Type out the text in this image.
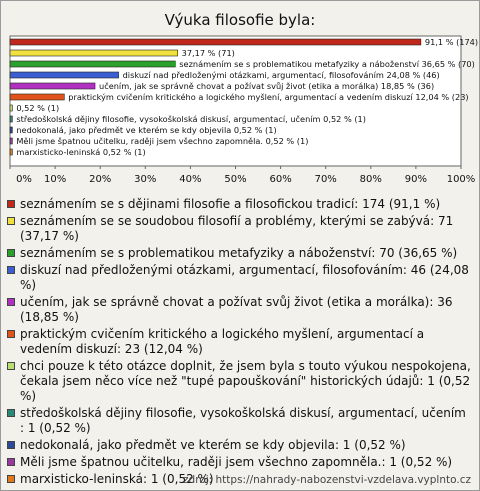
Výuka filosofie byla:
91,1 % (174)
37,17 % (71)
seznámením se s problematikou metafyziky a náboženství 36,65 % (70)
diskuzí nad předloženými otázkami, argumentací, filosofováním 24,08 % (46)
učením, jak se správně chovat a požívat svůj život (etika a morálka) 18,85 % (36)
praktickým cvičením kritického a logického myšlení, argumentací a vedením diskuzí 12,04 % (23)
0,52 % (1)
středoškolská dějiny filosofie, vysokoškolská diskusí, argumentací, učením 0,52 % (1)
nedokonalá, jako předmět ve kterém se kdy objevila 0,52 % (1)
Měli jsme špatnou učitelku, raději jsem všechno zapomněla. 0,52 % (1)
marxisticko-leninská 0,52 % (1)
0% 10% 20% 30% 40% 50% 60% 70% 80% 90% 100%
seznámením se s dějinami filosofie a filosofickou tradicí: 174 (91,1 %)
seznámením se se soudobou filosofií a problémy, kterými se zabývá: 71 (37,17 %)
seznámením se s problematikou metafyziky a náboženství: 70 (36,65 %)
diskuzí nad předloženými otázkami, argumentací, filosofováním: 46 (24,08 %)
učením, jak se správně chovat a požívat svůj život (etika a morálka): 36 (18,85 %)
praktickým cvičením kritického a logického myšlení, argumentací a vedením diskuzí: 23 (12,04 %)
chci pouze k této otázce doplnit, že jsem byla s touto výukou nespokojena, čekala jsem něco více než "tupé papouškování" historických údajů: 1 (0,52 %)
středoškolská dějiny filosofie, vysokoškolská diskusí, argumentací, učením : 1 (0,52 %)
nedokonalá, jako předmět ve kterém se kdy objevila: 1 (0,52 %)
Měli jsme špatnou učitelku, raději jsem všechno zapomněla.: 1 (0,52 %)
marxisticko-leninská: 1 (0,52 %)
zdroj: https://nahrady-nabozenstvi-vzdelava.vyplnto.cz
